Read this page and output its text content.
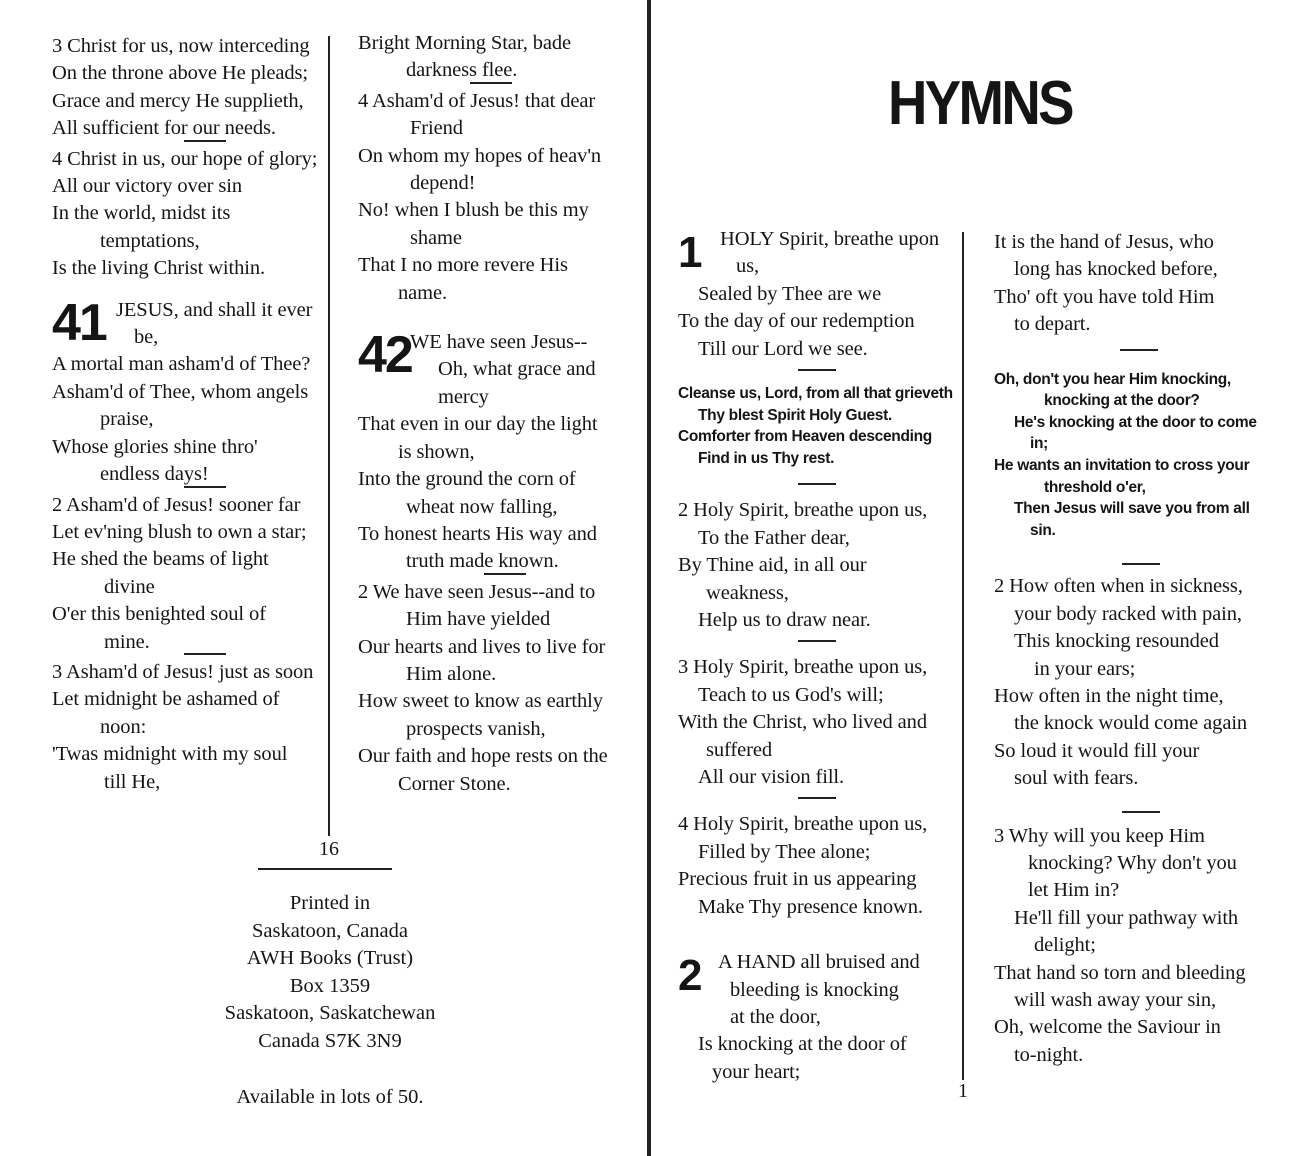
3 Christ for us, now interceding
On the throne above He pleads;
Grace and mercy He supplieth,
All sufficient for our needs.
4 Christ in us, our hope of glory;
All our victory over sin
In the world, midst its
temptations,
Is the living Christ within.
41 JESUS, and shall it ever
be,
A mortal man asham'd of Thee?
Asham'd of Thee, whom angels
praise,
Whose glories shine thro'
endless days!
2 Asham'd of Jesus! sooner far
Let ev'ning blush to own a star;
He shed the beams of light
divine
O'er this benighted soul of
mine.
3 Asham'd of Jesus! just as soon
Let midnight be ashamed of
noon:
'Twas midnight with my soul
till He,
Bright Morning Star, bade
darkness flee.
4 Asham'd of Jesus! that dear
Friend
On whom my hopes of heav'n
depend!
No! when I blush be this my
shame
That I no more revere His
name.
42
WE have seen Jesus--
Oh, what grace and
mercy
That even in our day the light
is shown,
Into the ground the corn of
wheat now falling,
To honest hearts His way and
truth made known.
2 We have seen Jesus--and to
Him have yielded
Our hearts and lives to live for
Him alone.
How sweet to know as earthly
prospects vanish,
Our faith and hope rests on the
Corner Stone.
16
Printed in
Saskatoon, Canada
AWH Books (Trust)
Box 1359
Saskatoon, Saskatchewan
Canada S7K 3N9
Available in lots of 50.
HYMNS
1 HOLY Spirit, breathe upon
us,
Sealed by Thee are we
To the day of our redemption
Till our Lord we see.
Cleanse us, Lord, from all that grieveth
Thy blest Spirit Holy Guest.
Comforter from Heaven descending
Find in us Thy rest.
2 Holy Spirit, breathe upon us,
To the Father dear,
By Thine aid, in all our
weakness,
Help us to draw near.
3 Holy Spirit, breathe upon us,
Teach to us God's will;
With the Christ, who lived and
suffered
All our vision fill.
4 Holy Spirit, breathe upon us,
Filled by Thee alone;
Precious fruit in us appearing
Make Thy presence known.
2 A HAND all bruised and
bleeding is knocking
at the door,
Is knocking at the door of
your heart;
It is the hand of Jesus, who
long has knocked before,
Tho' oft you have told Him
to depart.
Oh, don't you hear Him knocking,
knocking at the door?
He's knocking at the door to come
in;
He wants an invitation to cross your
threshold o'er,
Then Jesus will save you from all
sin.
2 How often when in sickness,
your body racked with pain,
This knocking resounded
in your ears;
How often in the night time,
the knock would come again
So loud it would fill your
soul with fears.
3 Why will you keep Him
knocking? Why don't you
let Him in?
He'll fill your pathway with
delight;
That hand so torn and bleeding
will wash away your sin,
Oh, welcome the Saviour in
to-night.
1
